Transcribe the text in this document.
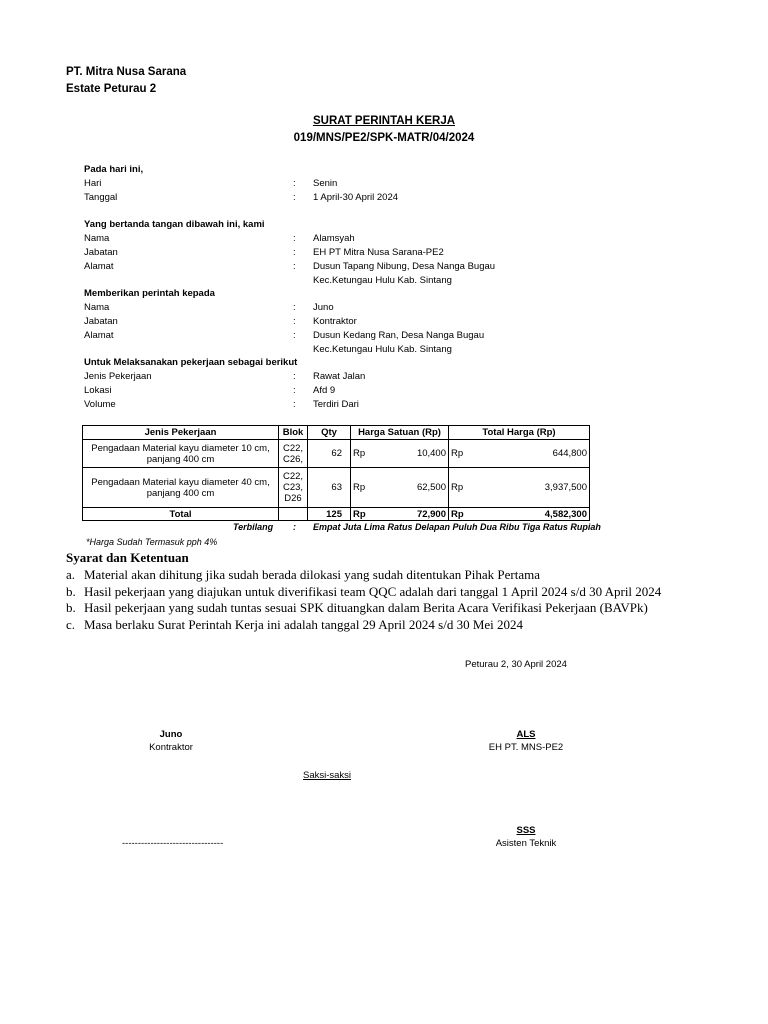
PT. Mitra Nusa Sarana
Estate Peturau 2
SURAT PERINTAH KERJA
019/MNS/PE2/SPK-MATR/04/2024
Pada hari ini,
Hari	: Senin
Tanggal	: 1 April-30 April 2024
Yang bertanda tangan dibawah ini, kami
Nama	: Alamsyah
Jabatan	: EH PT Mitra Nusa Sarana-PE2
Alamat	: Dusun Tapang Nibung, Desa Nanga Bugau
Kec.Ketungau Hulu Kab. Sintang
Memberikan perintah kepada
Nama	: Juno
Jabatan	: Kontraktor
Alamat	: Dusun Kedang Ran, Desa Nanga Bugau
Kec.Ketungau Hulu Kab. Sintang
Untuk Melaksanakan pekerjaan sebagai berikut
Jenis Pekerjaan	: Rawat Jalan
Lokasi	: Afd 9
Volume	: Terdiri Dari
Jenis Pekerjaan	Blok	Qty	Harga Satuan (Rp)		Total Harga (Rp)	
Pengadaan Material kayu diameter 10 cm,
panjang 400 cm	C22,
C26,	62	Rp	10,400	Rp	644,800
Pengadaan Material kayu diameter 40 cm,
panjang 400 cm	C22,
C23,
D26	63	Rp	62,500	Rp	3,937,500
Total		125	Rp	72,900	Rp	4,582,300
Terbilang : Empat Juta Lima Ratus Delapan Puluh Dua Ribu Tiga Ratus Rupiah
*Harga Sudah Termasuk pph 4%
Syarat dan Ketentuan
a. Material akan dihitung jika sudah berada dilokasi yang sudah ditentukan Pihak Pertama
b. Hasil pekerjaan yang diajukan untuk diverifikasi team QQC adalah dari tanggal 1 April 2024 s/d 30 April 2024
b. Hasil pekerjaan yang sudah tuntas sesuai SPK dituangkan dalam Berita Acara Verifikasi Pekerjaan (BAVPk)
c. Masa berlaku Surat Perintah Kerja ini adalah tanggal 29 April 2024 s/d 30 Mei 2024
Peturau 2, 30 April 2024
Juno
Kontraktor
ALS
EH PT. MNS-PE2
Saksi-saksi
SSS
--------------------------------	Asisten Teknik
